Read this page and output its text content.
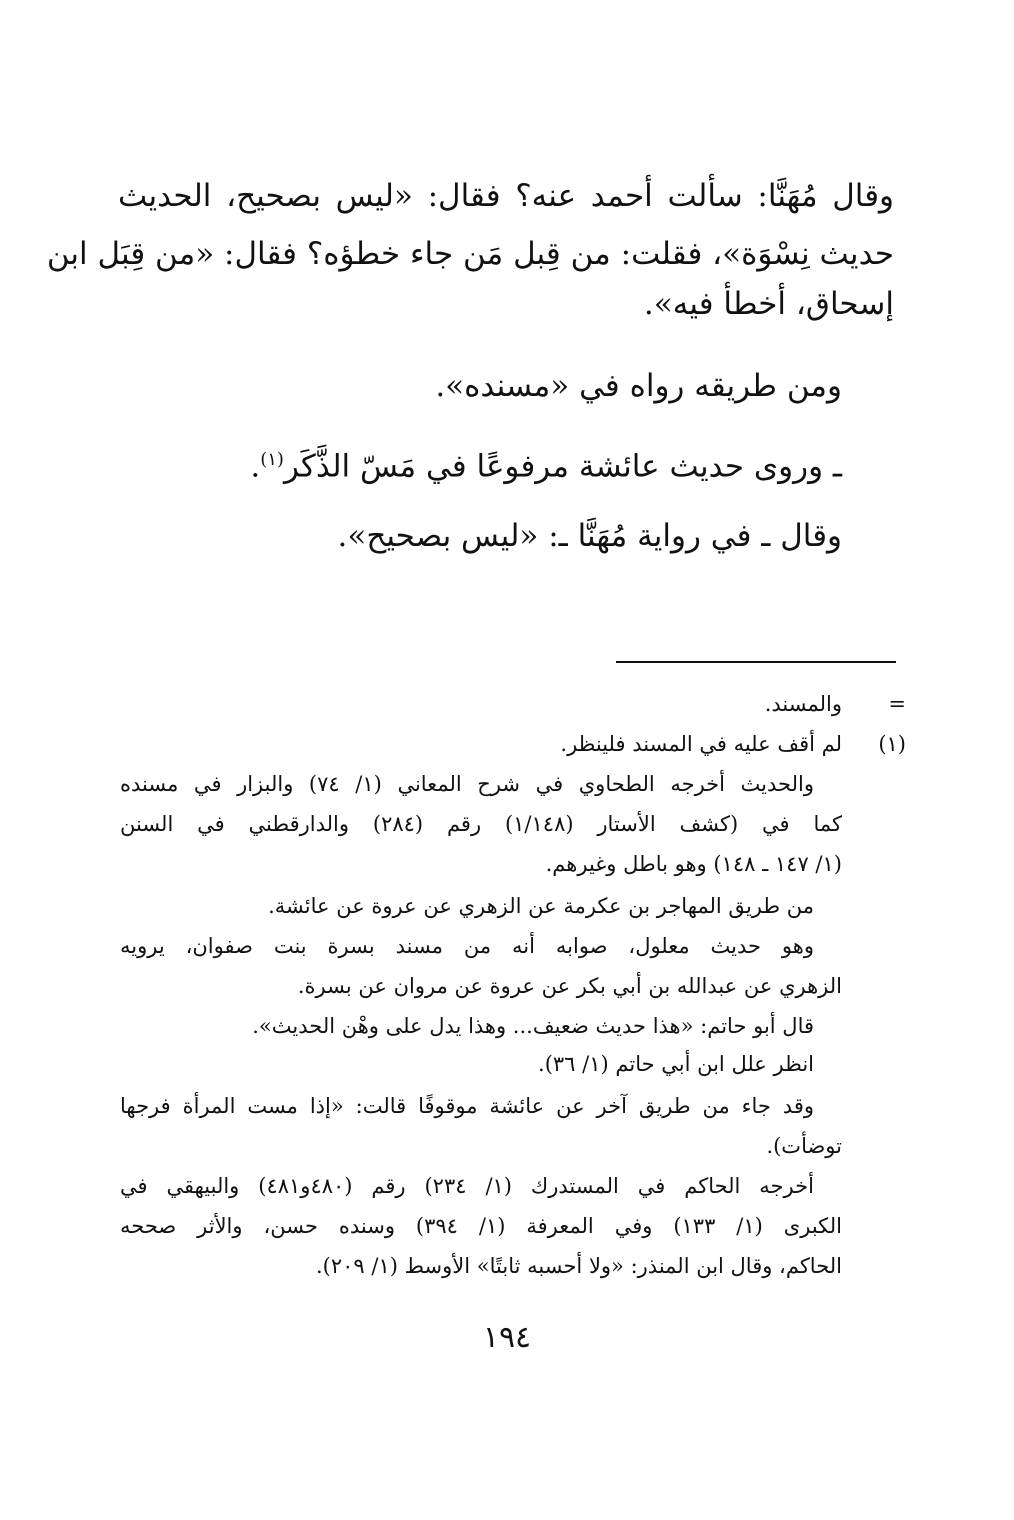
وقال مُهَنَّا: سألت أحمد عنه؟ فقال: «ليس بصحيح، الحديث
حديث نِسْوَة»، فقلت: من قِبل مَن جاء خطؤه؟ فقال: «من قِبَل ابن
إسحاق، أخطأ فيه».
ومن طريقه رواه في «مسنده».
ـ وروى حديث عائشة مرفوعًا في مَسّ الذَّكَر$^{(١)}$.
وقال ـ في رواية مُهَنَّا ـ: «ليس بصحيح».
=
والمسند.
(١)
لم أقف عليه في المسند فلينظر.
والحديث أخرجه الطحاوي في شرح المعاني (١/ ٧٤) والبزار في مسنده
كما في (كشف الأستار (١/١٤٨) رقم (٢٨٤) والدارقطني في السنن
(١/ ١٤٧ ـ ١٤٨) وهو باطل وغيرهم.
من طريق المهاجر بن عكرمة عن الزهري عن عروة عن عائشة.
وهو حديث معلول، صوابه أنه من مسند بسرة بنت صفوان، يرويه
الزهري عن عبدالله بن أبي بكر عن عروة عن مروان عن بسرة.
قال أبو حاتم: «هذا حديث ضعيف... وهذا يدل على وهْن الحديث».
انظر علل ابن أبي حاتم (١/ ٣٦).
وقد جاء من طريق آخر عن عائشة موقوفًا قالت: «إذا مست المرأة فرجها
توضأت).
أخرجه الحاكم في المستدرك (١/ ٢٣٤) رقم (٤٨٠و٤٨١) والبيهقي في
الكبرى (١/ ١٣٣) وفي المعرفة (١/ ٣٩٤) وسنده حسن، والأثر صححه
الحاكم، وقال ابن المنذر: «ولا أحسبه ثابتًا» الأوسط (١/ ٢٠٩).
١٩٤
